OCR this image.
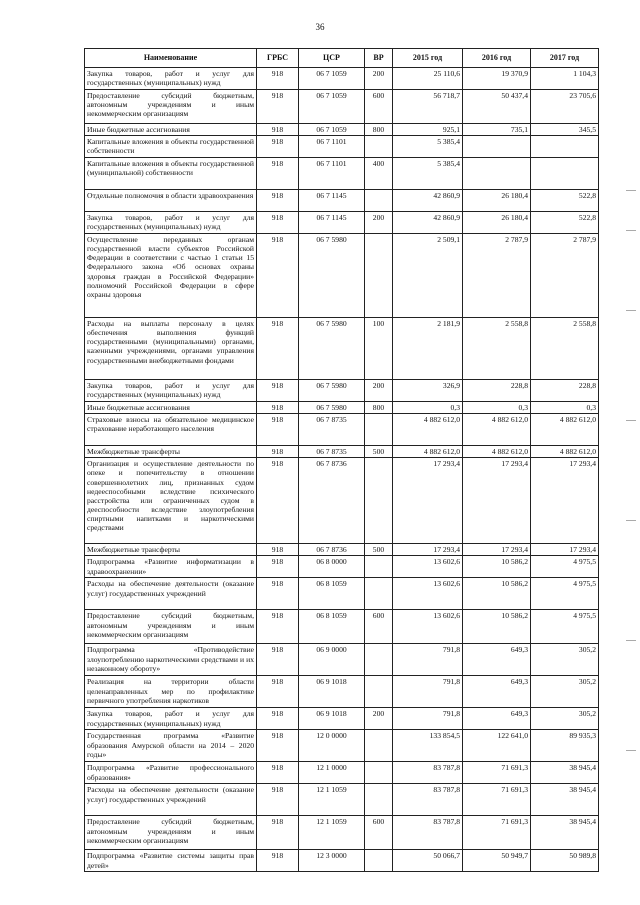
36
Наименование	ГРБС	ЦСР	ВР	2015 год	2016 год	2017 год
Закупка товаров, работ и услуг для государственных (муниципальных) нужд	918	06 7 1059	200	25 110,6	19 370,9	1 104,3
Предоставление субсидий бюджетным, автономным учреждениям и иным некоммерческим организациям	918	06 7 1059	600	56 718,7	50 437,4	23 705,6
Иные бюджетные ассигнования	918	06 7 1059	800	925,1	735,1	345,5
Капитальные вложения в объекты государственной собственности	918	06 7 1101		5 385,4		
Капитальные вложения в объекты государственной (муниципальной) собственности	918	06 7 1101	400	5 385,4		
Отдельные полномочия в области здравоохранения	918	06 7 1145		42 860,9	26 180,4	522,8
Закупка товаров, работ и услуг для государственных (муниципальных) нужд	918	06 7 1145	200	42 860,9	26 180,4	522,8
Осуществление переданных органам государственной власти субъектов Российской Федерации в соответствии с частью 1 статьи 15 Федерального закона «Об основах охраны здоровья граждан в Российской Федерации» полномочий Российской Федерации в сфере охраны здоровья	918	06 7 5980		2 509,1	2 787,9	2 787,9
Расходы на выплаты персоналу в целях обеспечения выполнения функций государственными (муниципальными) органами, казенными учреждениями, органами управления государственными внебюджетными фондами	918	06 7 5980	100	2 181,9	2 558,8	2 558,8
Закупка товаров, работ и услуг для государственных (муниципальных) нужд	918	06 7 5980	200	326,9	228,8	228,8
Иные бюджетные ассигнования	918	06 7 5980	800	0,3	0,3	0,3
Страховые взносы на обязательное медицинское страхование неработающего населения	918	06 7 8735		4 882 612,0	4 882 612,0	4 882 612,0
Межбюджетные трансферты	918	06 7 8735	500	4 882 612,0	4 882 612,0	4 882 612,0
Организация и осуществление деятельности по опеке и попечительству в отношении совершеннолетних лиц, признанных судом недееспособными вследствие психического расстройства или ограниченных судом в дееспособности вследствие злоупотребления спиртными напитками и наркотическими средствами	918	06 7 8736		17 293,4	17 293,4	17 293,4
Межбюджетные трансферты	918	06 7 8736	500	17 293,4	17 293,4	17 293,4
Подпрограмма «Развитие информатизации в здравоохранении»	918	06 8 0000		13 602,6	10 586,2	4 975,5
Расходы на обеспечение деятельности (оказание услуг) государственных учреждений	918	06 8 1059		13 602,6	10 586,2	4 975,5
Предоставление субсидий бюджетным, автономным учреждениям и иным некоммерческим организациям	918	06 8 1059	600	13 602,6	10 586,2	4 975,5
Подпрограмма «Противодействие злоупотреблению наркотическими средствами и их незаконному обороту»	918	06 9 0000		791,8	649,3	305,2
Реализация на территории области целенаправленных мер по профилактике первичного употребления наркотиков	918	06 9 1018		791,8	649,3	305,2
Закупка товаров, работ и услуг для государственных (муниципальных) нужд	918	06 9 1018	200	791,8	649,3	305,2
Государственная программа «Развитие образования Амурской области на 2014 – 2020 годы»	918	12 0 0000		133 854,5	122 641,0	89 935,3
Подпрограмма «Развитие профессионального образования»	918	12 1 0000		83 787,8	71 691,3	38 945,4
Расходы на обеспечение деятельности (оказание услуг) государственных учреждений	918	12 1 1059		83 787,8	71 691,3	38 945,4
Предоставление субсидий бюджетным, автономным учреждениям и иным некоммерческим организациям	918	12 1 1059	600	83 787,8	71 691,3	38 945,4
Подпрограмма «Развитие системы защиты прав детей»	918	12 3 0000		50 066,7	50 949,7	50 989,8
